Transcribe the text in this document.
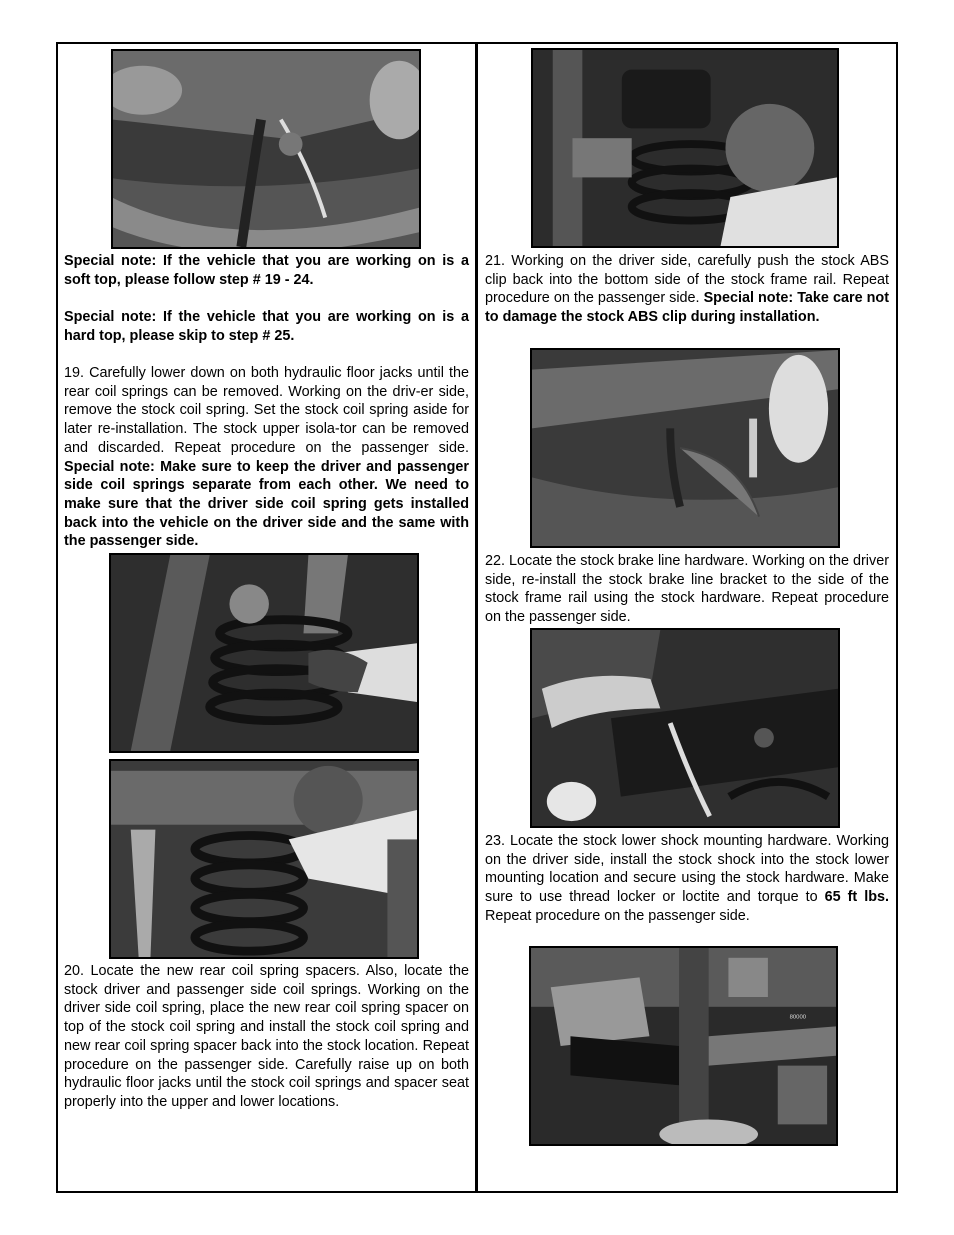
Special note: If the vehicle that you are working on is a soft top, please follow step # 19 - 24.

Special note: If the vehicle that you are working on is a hard top, please skip to step # 25.

19. Carefully lower down on both hydraulic floor jacks until the rear coil springs can be removed. Working on the driv-er side, remove the stock coil spring. Set the stock coil spring aside for later re-installation. The stock upper isola-tor can be removed and discarded. Repeat procedure on the passenger side. Special note: Make sure to keep the driver and passenger side coil springs separate from each other. We need to make sure that the driver side coil spring gets installed back into the vehicle on the driver side and the same with the passenger side.

20. Locate the new rear coil spring spacers. Also, locate the stock driver and passenger side coil springs. Working on the driver side coil spring, place the new rear coil spring spacer on top of the stock coil spring and install the stock coil spring and new rear coil spring spacer back into the stock location. Repeat procedure on the passenger side. Carefully raise up on both hydraulic floor jacks until the stock coil springs and spacer seat properly into the upper and lower locations.

21. Working on the driver side, carefully push the stock ABS clip back into the bottom side of the stock frame rail. Repeat procedure on the passenger side. Special note: Take care not to damage the stock ABS clip during installation.

22. Locate the stock brake line hardware. Working on the driver side, re-install the stock brake line bracket to the side of the stock frame rail using the stock hardware. Repeat procedure on the passenger side.

23. Locate the stock lower shock mounting hardware. Working on the driver side, install the stock shock into the stock lower mounting location and secure using the stock hardware. Make sure to use thread locker or loctite and torque to 65 ft lbs. Repeat procedure on the passenger side.

80000
